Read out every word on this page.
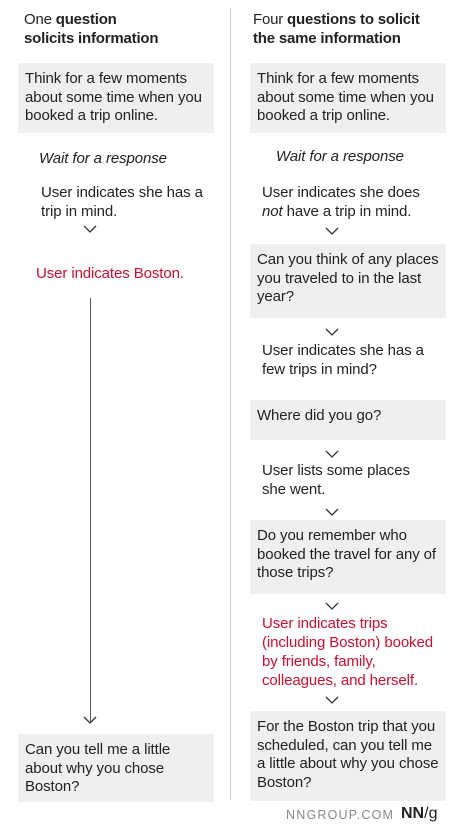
One question
solicits information
Think for a few moments about some time when you booked a trip online.
Wait for a response
User indicates she has a trip in mind.
User indicates Boston.
Can you tell me a little about why you chose Boston?
Four questions to solicit
the same information
Think for a few moments about some time when you booked a trip online.
Wait for a response
User indicates she does
not have a trip in mind.
Can you think of any places you traveled to in the last year?
User indicates she has a few trips in mind?
Where did you go?
User lists some places she went.
Do you remember who booked the travel for any of those trips?
User indicates trips (including Boston) booked by friends, family, colleagues, and herself.
For the Boston trip that you scheduled, can you tell me a little about why you chose Boston?
NNGROUP.COM NN/g
